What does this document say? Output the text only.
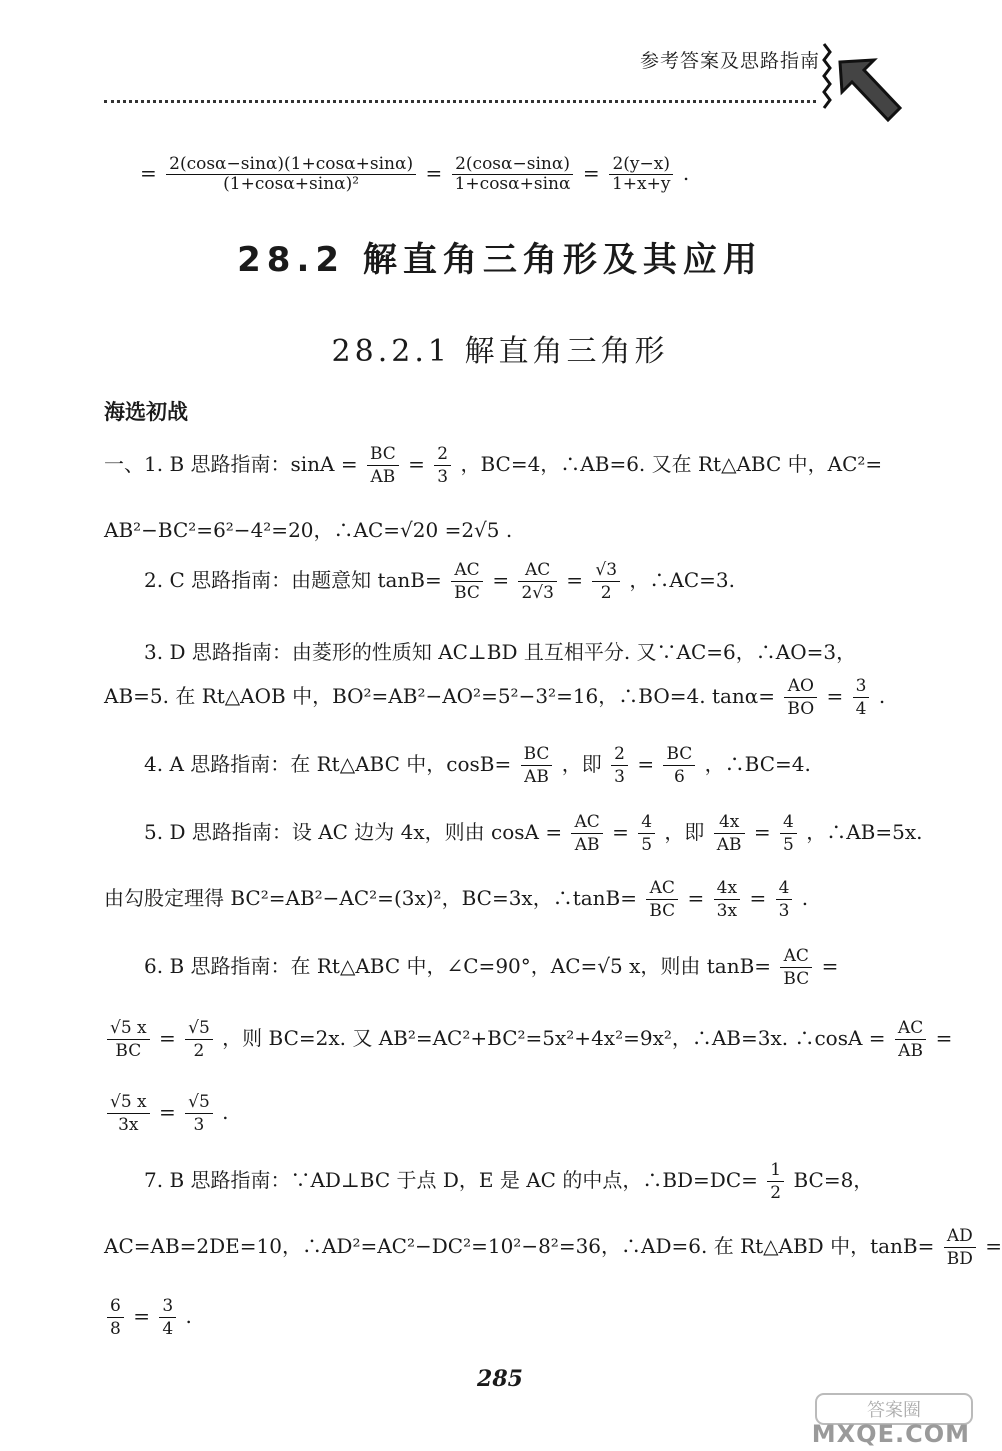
参考答案及思路指南
= $\frac{2(\cos\alpha-\sin\alpha)(1+\cos\alpha+\sin\alpha)}{\text{(1+cosα+sinα)²}} = \frac{2(\cos\alpha-\sin\alpha)}{1+\cos\alpha+\sin\alpha} = \frac{2(y-x)}{1+x+y}$ .
28.2 解直角三角形及其应用
28.2.1 解直角三角形
海选初战
一、1. B 思路指南：$\sin A = \frac{BC}{AB} = \frac{2}{3}$ ，BC=4，∴AB=6. 又在 Rt△ABC 中，AC²=
AB²−BC²=6²−4²=20，∴AC=√20 =2√5 .
2. C 思路指南：由题意知 $\tan B= \frac{AC}{BC} = \frac{AC}{2√3} = \frac{√3}{2}$ ，∴AC=3.
3. D 思路指南：由菱形的性质知 AC⊥BD 且互相平分. 又∵AC=6，∴AO=3，
AB=5. 在 Rt△AOB 中，BO²=AB²−AO²=5²−3²=16，∴BO=4. $\tan\alpha= \frac{AO}{BO} = \frac{3}{4}$ .
4. A 思路指南：在 Rt△ABC 中，$\cos B= \frac{BC}{AB}$ ，即 $\frac{2}{3} = \frac{BC}{6}$ ，∴BC=4.
5. D 思路指南：设 AC 边为 4x，则由 $\cos A = \frac{AC}{AB} = \frac{4}{5}$ ，即 $\frac{4x}{AB} = \frac{4}{5}$ ，∴AB=5x.
由勾股定理得 BC²=AB²−AC²=(3x)²，BC=3x，∴tanB= $\frac{AC}{BC} = \frac{4x}{3x} = \frac{4}{3}$ .
6. B 思路指南：在 Rt△ABC 中，∠C=90°，AC=√5 x，则由 $\tan B= \frac{AC}{BC}$ =
$\frac{√5 x}{BC} = \frac{√5}{2}$ ，则 BC=2x. 又 AB²=AC²+BC²=5x²+4x²=9x²，∴AB=3x. ∴cosA = $\frac{AC}{AB}$ =
$\frac{√5 x}{3x} = \frac{√5}{3}$ .
7. B 思路指南：∵AD⊥BC 于点 D，E 是 AC 的中点，∴BD=DC= $\frac{1}{2} BC=8$，
AC=AB=2DE=10，∴AD²=AC²−DC²=10²−8²=36，∴AD=6. 在 Rt△ABD 中，$\tan B= \frac{AD}{BD}$ =
$\frac{6}{8} = \frac{3}{4}$ .
285
答案圈
MXQE.COM
